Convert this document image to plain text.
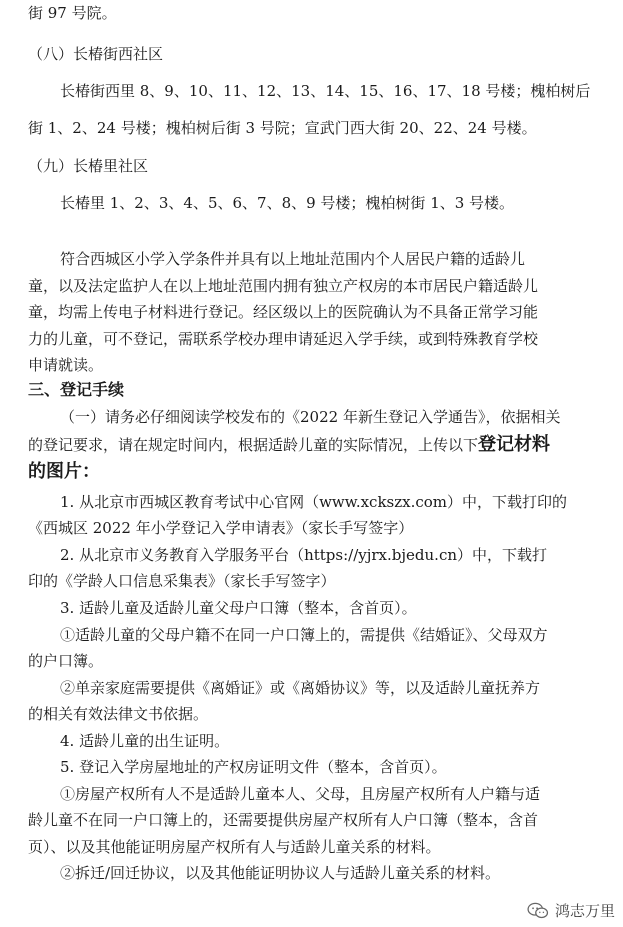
街 97 号院。
（八）长椿街西社区
长椿街西里 8、9、10、11、12、13、14、15、16、17、18 号楼；槐柏树后
街 1、2、24 号楼；槐柏树后街 3 号院；宣武门西大街 20、22、24 号楼。
（九）长椿里社区
长椿里 1、2、3、4、5、6、7、8、9 号楼；槐柏树街 1、3 号楼。
符合西城区小学入学条件并具有以上地址范围内个人居民户籍的适龄儿
童，以及法定监护人在以上地址范围内拥有独立产权房的本市居民户籍适龄儿
童，均需上传电子材料进行登记。经区级以上的医院确认为不具备正常学习能
力的儿童，可不登记，需联系学校办理申请延迟入学手续，或到特殊教育学校
申请就读。
三、登记手续
（一）请务必仔细阅读学校发布的《2022 年新生登记入学通告》，依据相关
的登记要求，请在规定时间内，根据适龄儿童的实际情况，上传以下登记材料
的图片：
1. 从北京市西城区教育考试中心官网（www.xckszx.com）中，下载打印的
《西城区 2022 年小学登记入学申请表》（家长手写签字）
2. 从北京市义务教育入学服务平台（https://yjrx.bjedu.cn）中，下载打
印的《学龄人口信息采集表》（家长手写签字）
3. 适龄儿童及适龄儿童父母户口簿（整本，含首页）。
①适龄儿童的父母户籍不在同一户口簿上的，需提供《结婚证》、父母双方
的户口簿。
②单亲家庭需要提供《离婚证》或《离婚协议》等，以及适龄儿童抚养方
的相关有效法律文书依据。
4. 适龄儿童的出生证明。
5. 登记入学房屋地址的产权房证明文件（整本，含首页）。
①房屋产权所有人不是适龄儿童本人、父母，且房屋产权所有人户籍与适
龄儿童不在同一户口簿上的，还需要提供房屋产权所有人户口簿（整本，含首
页）、以及其他能证明房屋产权所有人与适龄儿童关系的材料。
②拆迁/回迁协议，以及其他能证明协议人与适龄儿童关系的材料。
鸿志万里
